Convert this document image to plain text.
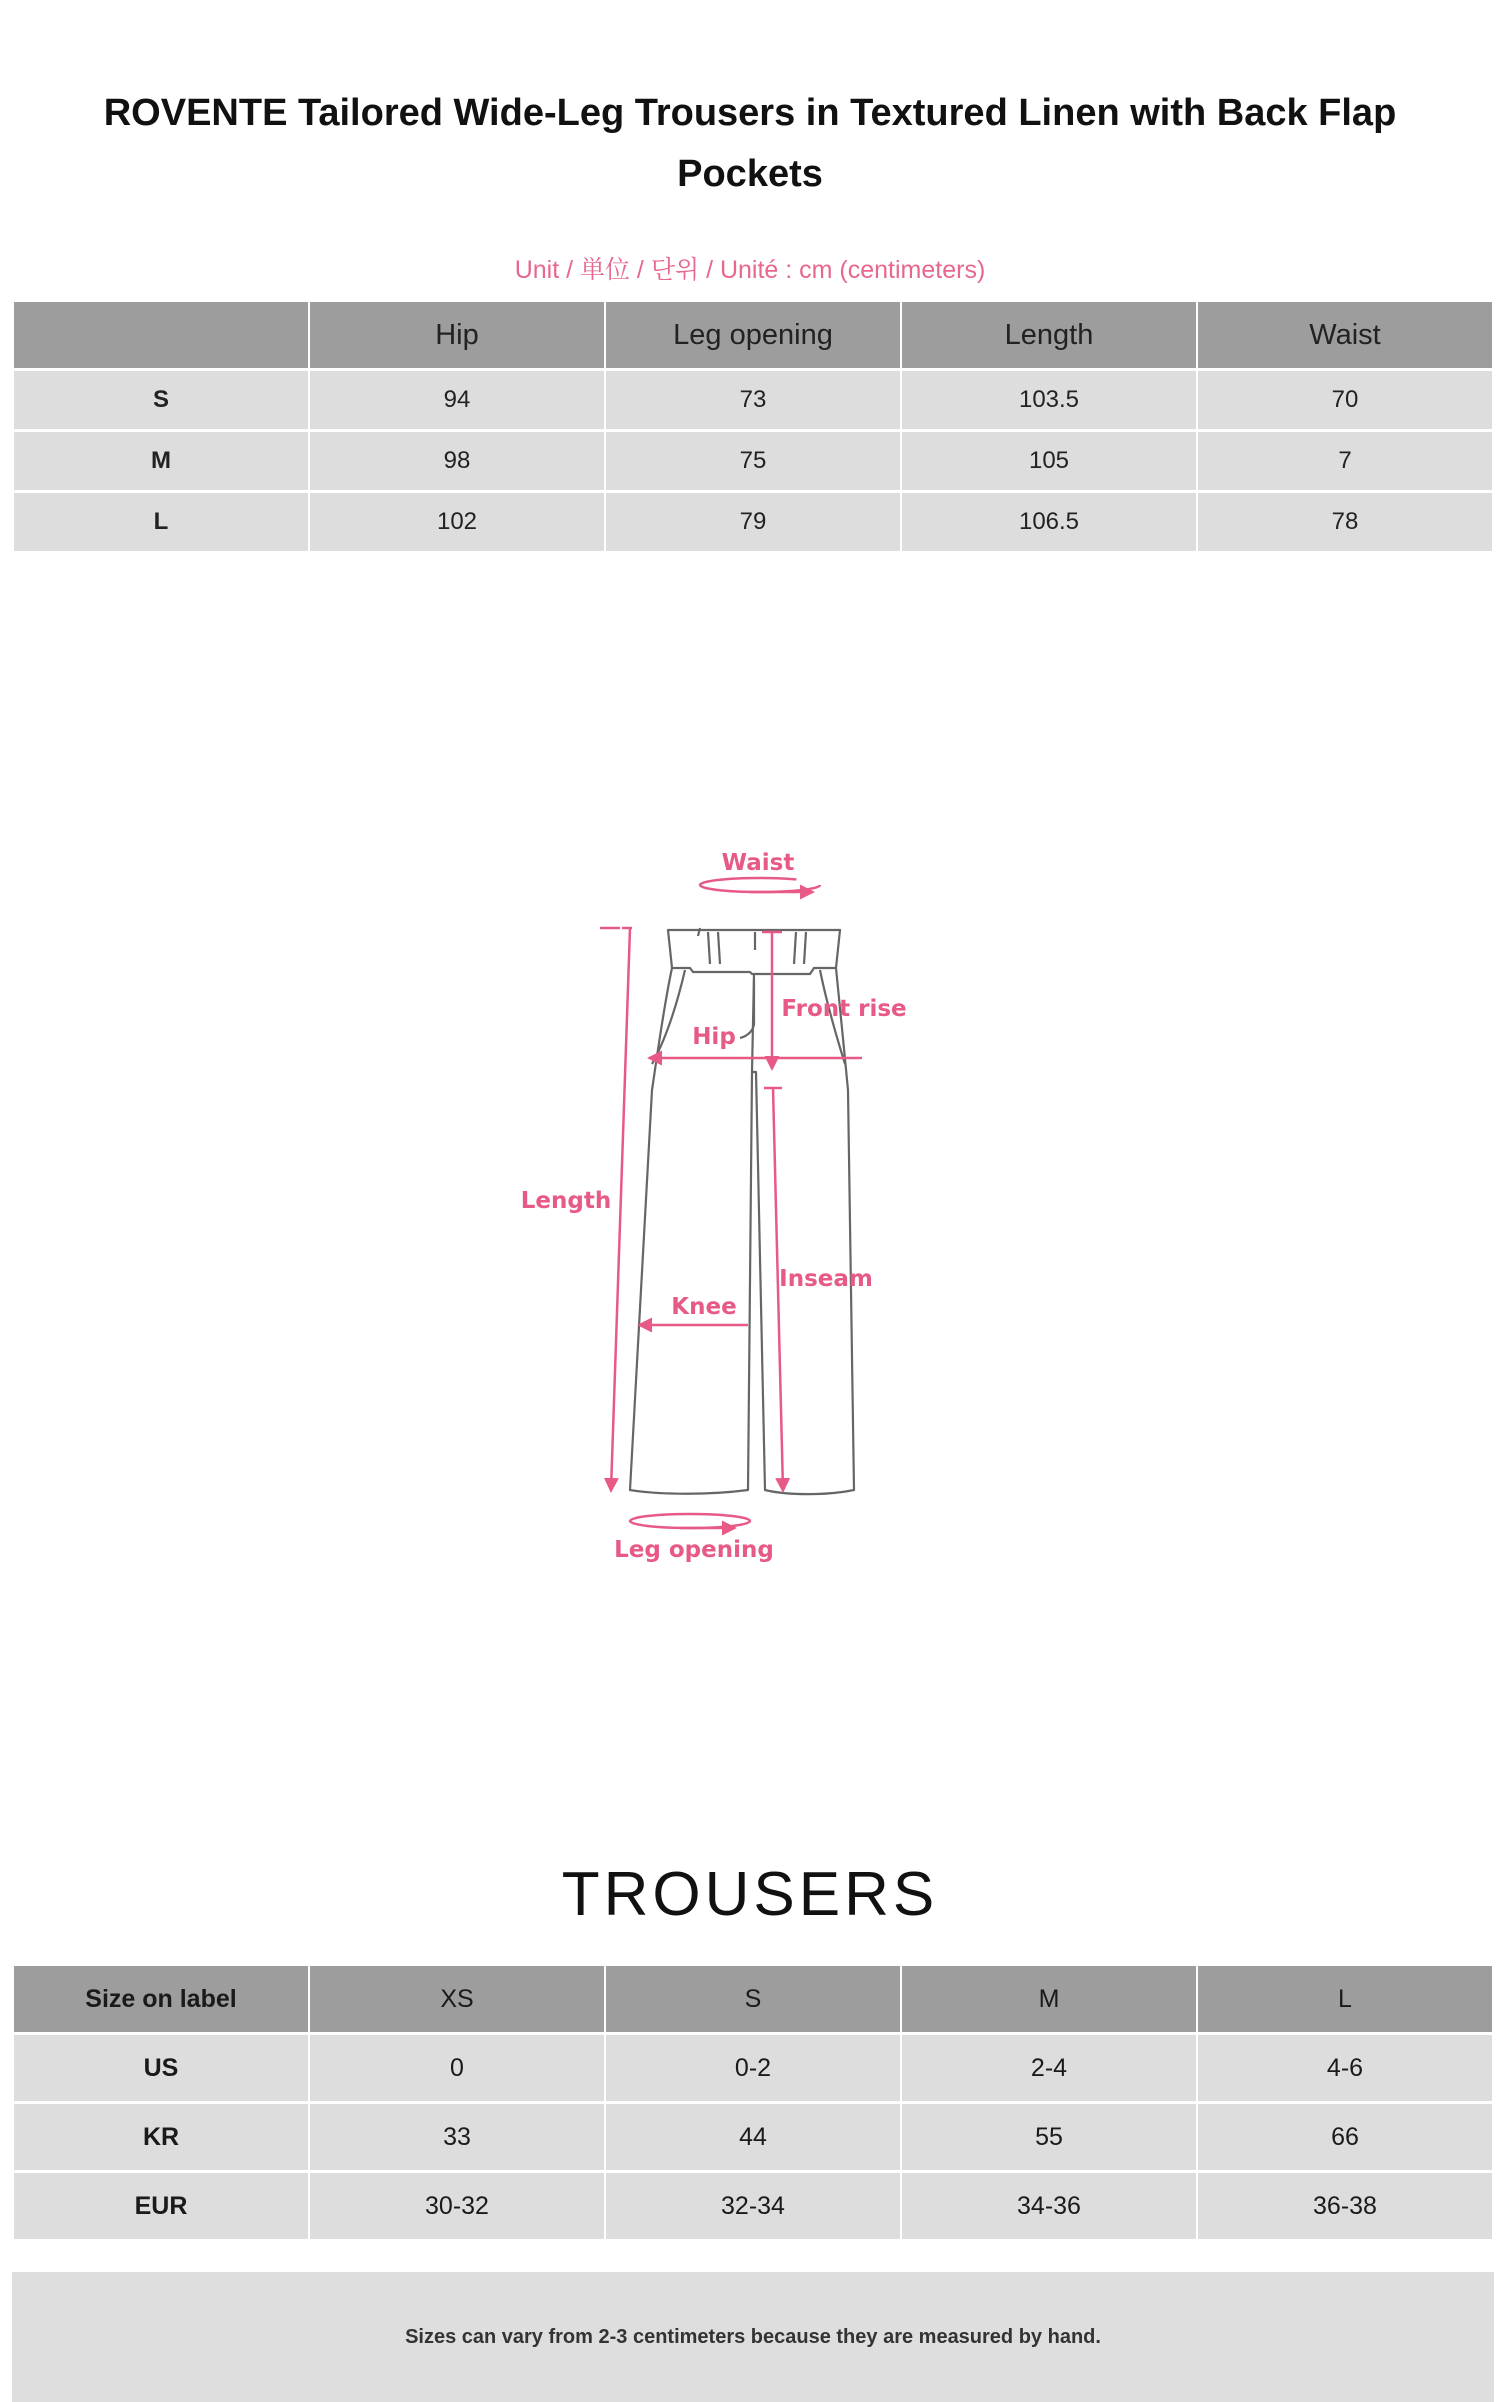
ROVENTE Tailored Wide-Leg Trousers in Textured Linen with Back Flap Pockets
Unit / 単位 / 단위 / Unité : cm (centimeters)
	Hip	Leg opening	Length	Waist
S	94	73	103.5	70
M	98	75	105	7
L	102	79	106.5	78
Waist
Length
Front rise
Hip
Inseam
Knee
Leg opening
TROUSERS
Size on label	XS	S	M	L
US	0	0-2	2-4	4-6
KR	33	44	55	66
EUR	30-32	32-34	34-36	36-38
Sizes can vary from 2-3 centimeters because they are measured by hand.
